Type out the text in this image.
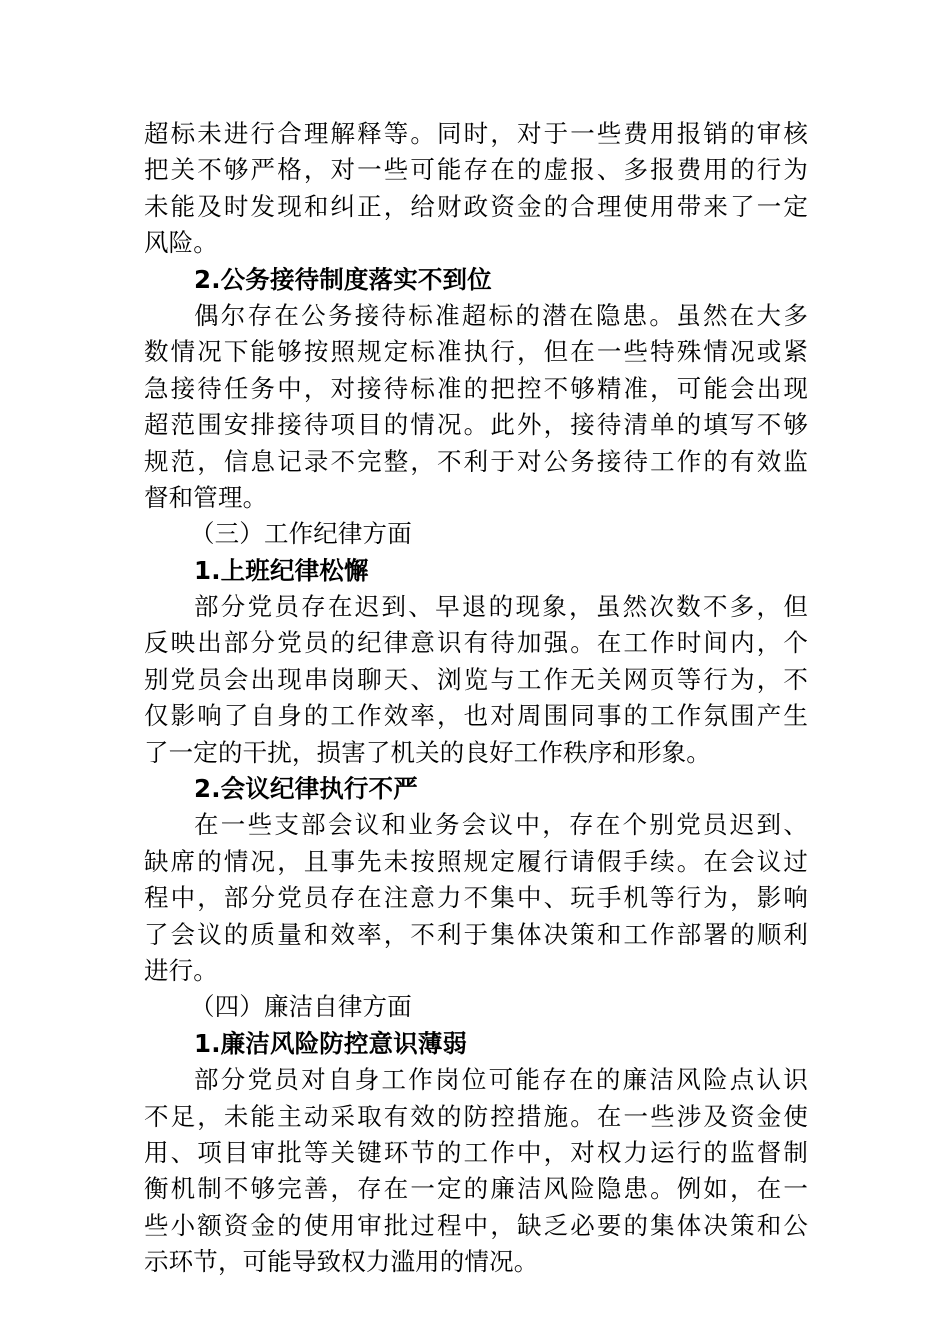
超标未进行合理解释等。同时，对于一些费用报销的审核
把关不够严格，对一些可能存在的虚报、多报费用的行为
未能及时发现和纠正，给财政资金的合理使用带来了一定
风险。
2.公务接待制度落实不到位
偶尔存在公务接待标准超标的潜在隐患。虽然在大多
数情况下能够按照规定标准执行，但在一些特殊情况或紧
急接待任务中，对接待标准的把控不够精准，可能会出现
超范围安排接待项目的情况。此外，接待清单的填写不够
规范，信息记录不完整，不利于对公务接待工作的有效监
督和管理。
（三）工作纪律方面
1.上班纪律松懈
部分党员存在迟到、早退的现象，虽然次数不多，但
反映出部分党员的纪律意识有待加强。在工作时间内，个
别党员会出现串岗聊天、浏览与工作无关网页等行为，不
仅影响了自身的工作效率，也对周围同事的工作氛围产生
了一定的干扰，损害了机关的良好工作秩序和形象。
2.会议纪律执行不严
在一些支部会议和业务会议中，存在个别党员迟到、
缺席的情况，且事先未按照规定履行请假手续。在会议过
程中，部分党员存在注意力不集中、玩手机等行为，影响
了会议的质量和效率，不利于集体决策和工作部署的顺利
进行。
（四）廉洁自律方面
1.廉洁风险防控意识薄弱
部分党员对自身工作岗位可能存在的廉洁风险点认识
不足，未能主动采取有效的防控措施。在一些涉及资金使
用、项目审批等关键环节的工作中，对权力运行的监督制
衡机制不够完善，存在一定的廉洁风险隐患。例如，在一
些小额资金的使用审批过程中，缺乏必要的集体决策和公
示环节，可能导致权力滥用的情况。
